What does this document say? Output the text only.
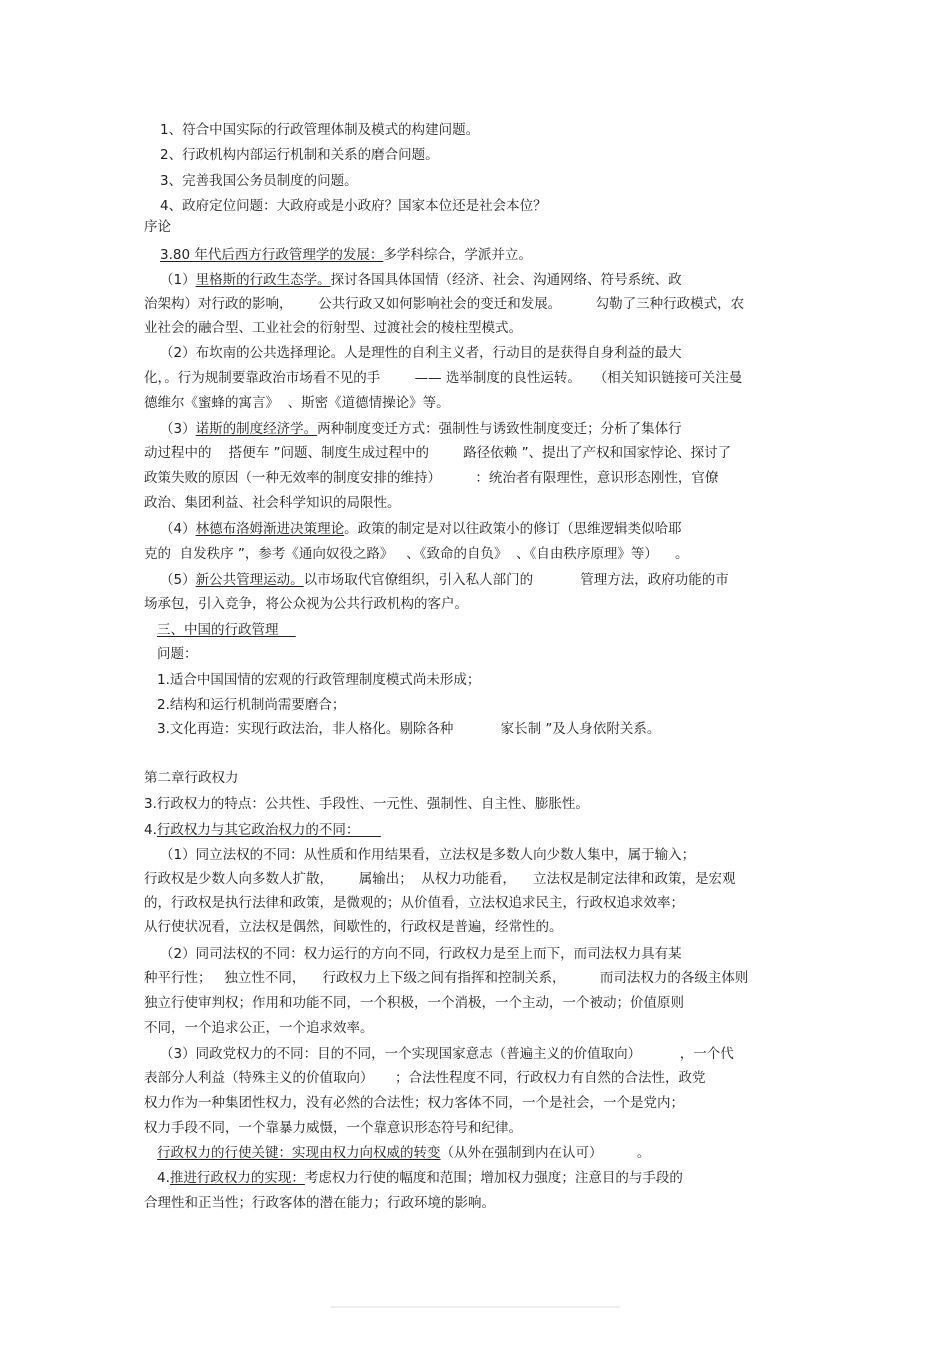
1、符合中国实际的行政管理体制及模式的构建问题。
2、行政机构内部运行机制和关系的磨合问题。
3、完善我国公务员制度的问题。
4、政府定位问题：大政府或是小政府？国家本位还是社会本位？
序论
3.80 年代后西方行政管理学的发展：多学科综合，学派并立。
（1）里格斯的行政生态学。探讨各国具体国情（经济、社会、沟通网络、符号系统、政
治架构）对行政的影响，      公共行政又如何影响社会的变迁和发展。        勾勒了三种行政模式，农
业社会的融合型、工业社会的衍射型、过渡社会的棱柱型模式。
（2）布坎南的公共选择理论。人是理性的自利主义者，行动目的是获得自身利益的最大
化，。行为规制要靠政治市场看不见的手        —— 选举制度的良性运转。   （相关知识链接可关注曼
德维尔《蜜蜂的寓言》  、斯密《道德情操论》等。
（3）诺斯的制度经济学。两种制度变迁方式：强制性与诱致性制度变迁；分析了集体行
动过程中的    搭便车 ”问题、制度生成过程中的        路径依赖 ”、提出了产权和国家悖论、探讨了
政策失败的原因（一种无效率的制度安排的维持）        ：统治者有限理性，意识形态刚性，官僚
政治、集团利益、社会科学知识的局限性。
（4）林德布洛姆渐进决策理论。政策的制定是对以往政策小的修订（思维逻辑类似哈耶
克的  自发秩序 ”，参考《通向奴役之路》   、《致命的自负》  、《自由秩序原理》等）    。
（5）新公共管理运动。以市场取代官僚组织，引入私人部门的           管理方法，政府功能的市
场承包，引入竞争，将公众视为公共行政机构的客户。
三、中国的行政管理
问题：
1.适合中国国情的宏观的行政管理制度模式尚未形成；
2.结构和运行机制尚需要磨合；
3.文化再造：实现行政法治，非人格化。剔除各种           家长制 ”及人身依附关系。
第二章行政权力
3.行政权力的特点：公共性、手段性、一元性、强制性、自主性、膨胀性。
4.行政权力与其它政治权力的不同：
（1）同立法权的不同：从性质和作用结果看，立法权是多数人向少数人集中，属于输入；
行政权是少数人向多数人扩散，      属输出；  从权力功能看，    立法权是制定法律和政策，是宏观
的，行政权是执行法律和政策，是微观的；从价值看，立法权追求民主，行政权追求效率；
从行使状况看，立法权是偶然，间歇性的，行政权是普遍，经常性的。
（2）同司法权的不同：权力运行的方向不同，行政权力是至上而下，而司法权力具有某
种平行性；   独立性不同，    行政权力上下级之间有指挥和控制关系，        而司法权力的各级主体则
独立行使审判权；作用和功能不同，一个积极，一个消极，一个主动，一个被动；价值原则
不同，一个追求公正，一个追求效率。
（3）同政党权力的不同：目的不同，一个实现国家意志（普遍主义的价值取向）         ，一个代
表部分人利益（特殊主义的价值取向）     ；合法性程度不同，行政权力有自然的合法性，政党
权力作为一种集团性权力，没有必然的合法性；权力客体不同，一个是社会，一个是党内；
权力手段不同，一个靠暴力威慑，一个靠意识形态符号和纪律。
行政权力的行使关键：实现由权力向权威的转变（从外在强制到内在认可）        。
4.推进行政权力的实现：考虑权力行使的幅度和范围；增加权力强度；注意目的与手段的
合理性和正当性；行政客体的潜在能力；行政环境的影响。
